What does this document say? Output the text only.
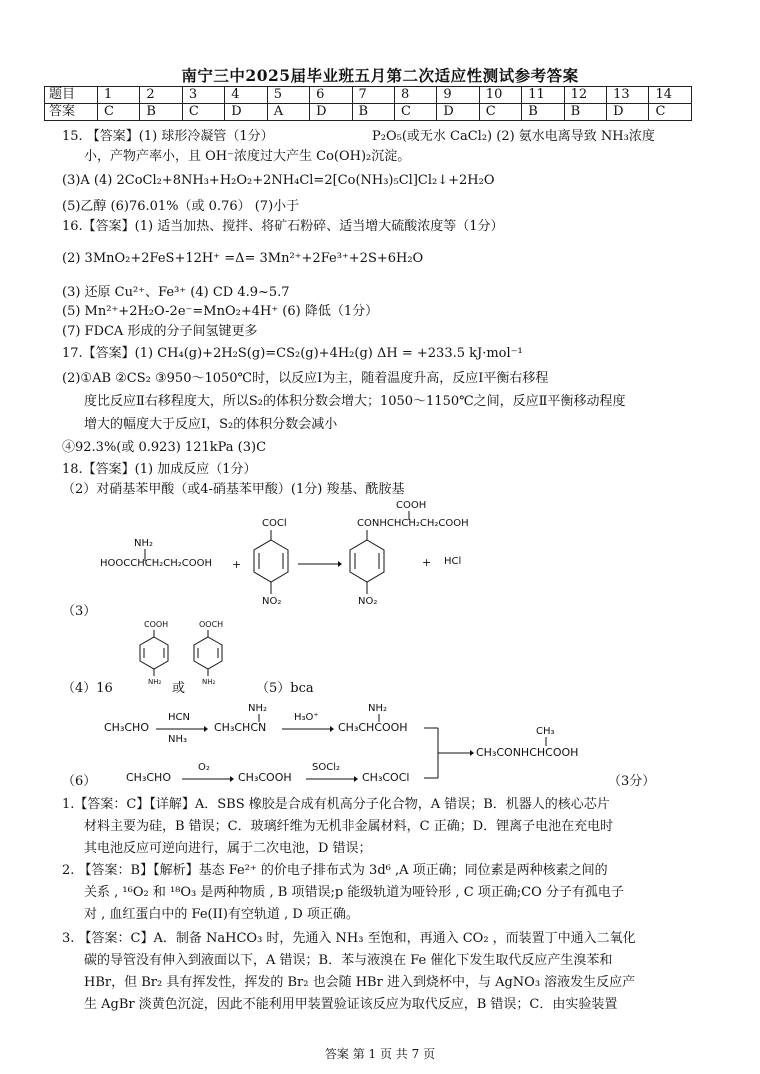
南宁三中2025届毕业班五月第二次适应性测试参考答案
题目	1	2	3	4	5	6	7	8	9	10	11	12	13	14
答案	C	B	C	D	A	D	B	C	D	C	B	B	D	C
15. 【答案】(1) 球形冷凝管（1分）	P₂O₅(或无水 CaCl₂) (2) 氨水电离导致 NH₃浓度
小，产物产率小，且 OH⁻浓度过大产生 Co(OH)₂沉淀。
(3)A (4) 2CoCl₂+8NH₃+H₂O₂+2NH₄Cl=2[Co(NH₃)₅Cl]Cl₂↓+2H₂O
(5)乙醇 (6)76.01%（或 0.76） (7)小于
16.【答案】(1) 适当加热、搅拌、将矿石粉碎、适当增大硫酸浓度等（1分）
(2) 3MnO₂+2FeS+12H⁺ =Δ= 3Mn²⁺+2Fe³⁺+2S+6H₂O
(3) 还原 Cu²⁺、Fe³⁺ (4) CD 4.9~5.7
(5) Mn²⁺+2H₂O-2e⁻=MnO₂+4H⁺ (6) 降低（1分）
(7) FDCA 形成的分子间氢键更多
17.【答案】(1) CH₄(g)+2H₂S(g)=CS₂(g)+4H₂(g) ΔH = +233.5 kJ·mol⁻¹
(2)①AB ②CS₂ ③950～1050℃时，以反应Ⅰ为主，随着温度升高，反应Ⅰ平衡右移程
度比反应Ⅱ右移程度大，所以S₂的体积分数会增大；1050～1150℃之间，反应Ⅱ平衡移动程度
增大的幅度大于反应Ⅰ，S₂的体积分数会减小
④92.3%(或 0.923) 121kPa (3)C
18.【答案】(1) 加成反应（1分）
（2）对硝基苯甲酸（或4-硝基苯甲酸）(1分) 羧基、酰胺基
NH₂
HOOCCHCH₂CH₂COOH +
COCl
NO₂
COOH
CONHCHCH₂CH₂COOH
NO₂
+ HCl
（3）
COOH
NH₂
OOCH
NH₂
（4）16	或	（5）bca
NH₂	NH₂
CH₃CHO
HCN
NH₃
CH₃CHCN
H₃O⁺
CH₃CHCOOH
CH₃CHO
O₂
CH₃COOH
SOCl₂
CH₃COCl
CH₃
CH₃CONHCHCOOH
（6）	（3分）
1.【答案：C】【详解】A．SBS 橡胶是合成有机高分子化合物，A 错误；B．机器人的核心芯片
材料主要为硅，B 错误；C．玻璃纤维为无机非金属材料，C 正确；D．锂离子电池在充电时
其电池反应可逆向进行，属于二次电池，D 错误；
2. 【答案：B】【解析】基态 Fe²⁺ 的价电子排布式为 3d⁶ ,A 项正确；同位素是两种核素之间的
关系 , ¹⁶O₂ 和 ¹⁸O₃ 是两种物质 , B 项错误;p 能级轨道为哑铃形 , C 项正确;CO 分子有孤电子
对 , 血红蛋白中的 Fe(II)有空轨道 , D 项正确。
3. 【答案：C】A．制备 NaHCO₃ 时，先通入 NH₃ 至饱和，再通入 CO₂ ，而装置丁中通入二氧化
碳的导管没有伸入到液面以下，A 错误；B．苯与液溴在 Fe 催化下发生取代反应产生溴苯和
HBr，但 Br₂ 具有挥发性，挥发的 Br₂ 也会随 HBr 进入到烧杯中，与 AgNO₃ 溶液发生反应产
生 AgBr 淡黄色沉淀，因此不能利用甲装置验证该反应为取代反应，B 错误；C．由实验装置
答案 第 1 页 共 7 页
